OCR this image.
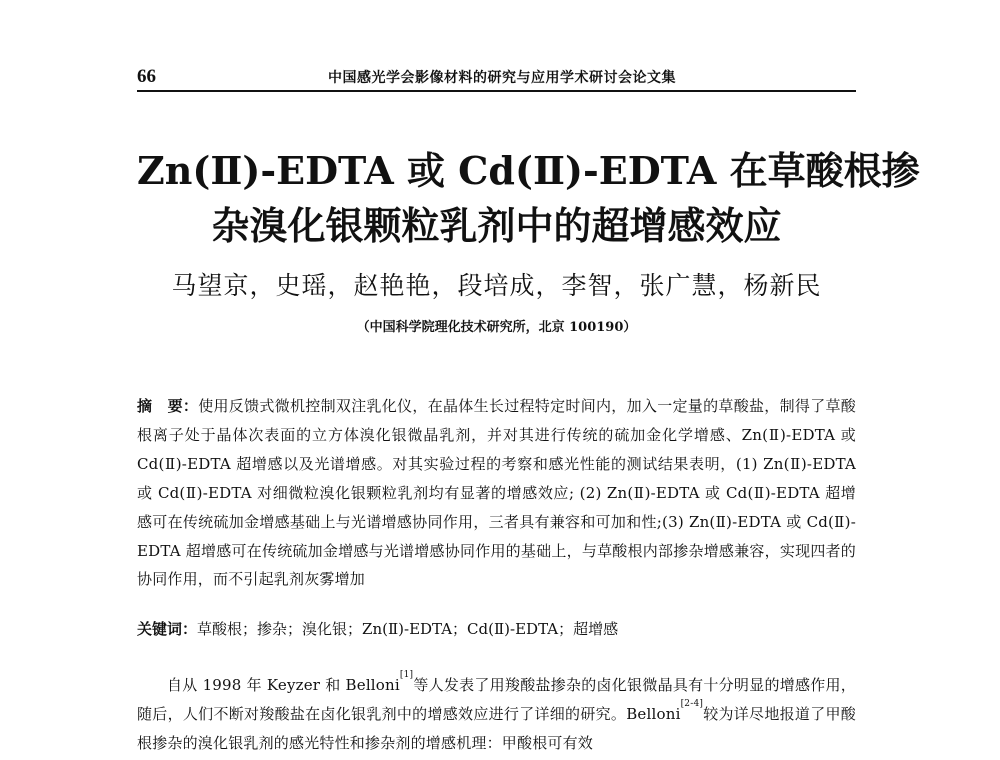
66	中国感光学会影像材料的研究与应用学术研讨会论文集
Zn(Ⅱ)-EDTA 或 Cd(Ⅱ)-EDTA 在草酸根掺
杂溴化银颗粒乳剂中的超增感效应
马望京，史瑶，赵艳艳，段培成，李智，张广慧，杨新民
（中国科学院理化技术研究所，北京 100190）
摘　要：使用反馈式微机控制双注乳化仪，在晶体生长过程特定时间内，加入一定量的草酸盐，制得了草酸根离子处于晶体次表面的立方体溴化银微晶乳剂，并对其进行传统的硫加金化学增感、Zn(Ⅱ)-EDTA 或 Cd(Ⅱ)-EDTA 超增感以及光谱增感。对其实验过程的考察和感光性能的测试结果表明，(1) Zn(Ⅱ)-EDTA 或 Cd(Ⅱ)-EDTA 对细微粒溴化银颗粒乳剂均有显著的增感效应; (2) Zn(Ⅱ)-EDTA 或 Cd(Ⅱ)-EDTA 超增感可在传统硫加金增感基础上与光谱增感协同作用，三者具有兼容和可加和性;(3) Zn(Ⅱ)-EDTA 或 Cd(Ⅱ)-EDTA 超增感可在传统硫加金增感与光谱增感协同作用的基础上，与草酸根内部掺杂增感兼容，实现四者的协同作用，而不引起乳剂灰雾增加
关键词：草酸根；掺杂；溴化银；Zn(Ⅱ)-EDTA；Cd(Ⅱ)-EDTA；超增感
自从 1998 年 Keyzer 和 Belloni[1]等人发表了用羧酸盐掺杂的卤化银微晶具有十分明显的增感作用，随后，人们不断对羧酸盐在卤化银乳剂中的增感效应进行了详细的研究。Belloni[2-4]较为详尽地报道了甲酸根掺杂的溴化银乳剂的感光特性和掺杂剂的增感机理：甲酸根可有效
